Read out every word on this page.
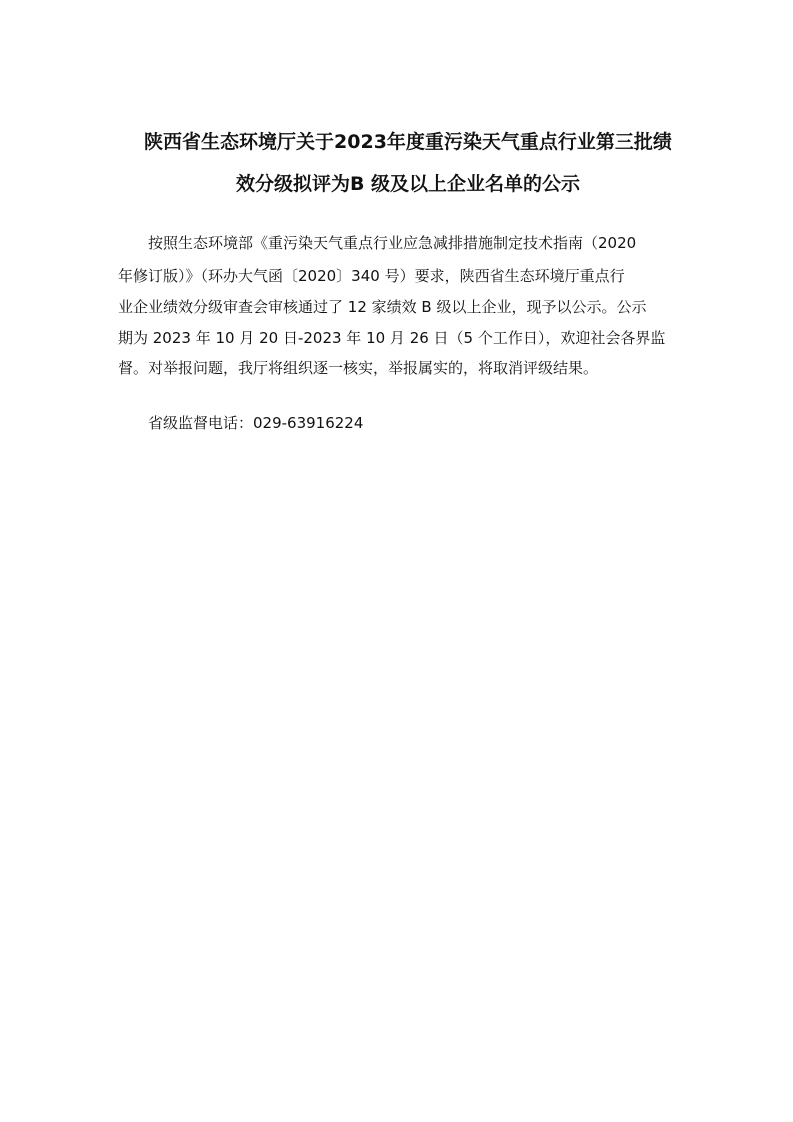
陕西省生态环境厅关于2023年度重污染天气重点行业第三批绩
效分级拟评为B 级及以上企业名单的公示
按照生态环境部《重污染天气重点行业应急减排措施制定技术指南（2020
年修订版）》（环办大气函〔2020〕340 号）要求，陕西省生态环境厅重点行
业企业绩效分级审查会审核通过了 12 家绩效 B 级以上企业，现予以公示。公示
期为 2023 年 10 月 20 日-2023 年 10 月 26 日（5 个工作日），欢迎社会各界监
督。对举报问题，我厅将组织逐一核实，举报属实的，将取消评级结果。
省级监督电话：029-63916224
